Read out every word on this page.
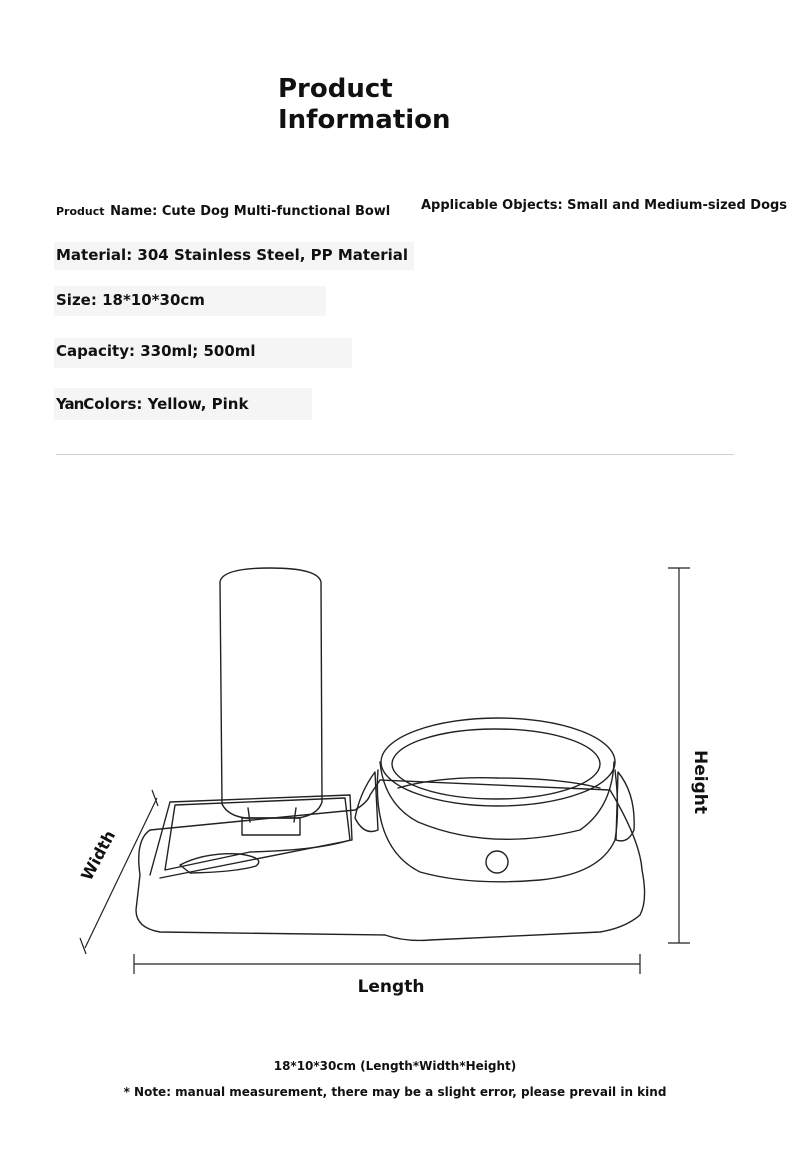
Product
Information
Product Name: Cute Dog Multi-functional Bowl Applicable Objects: Small and Medium-sized Dogs
Material: 304 Stainless Steel, PP Material
Size: 18*10*30cm
Capacity: 330ml; 500ml
YanColors: Yellow, Pink
Height
Length
Width
18*10*30cm (Length*Width*Height)
* Note: manual measurement, there may be a slight error, please prevail in kind
